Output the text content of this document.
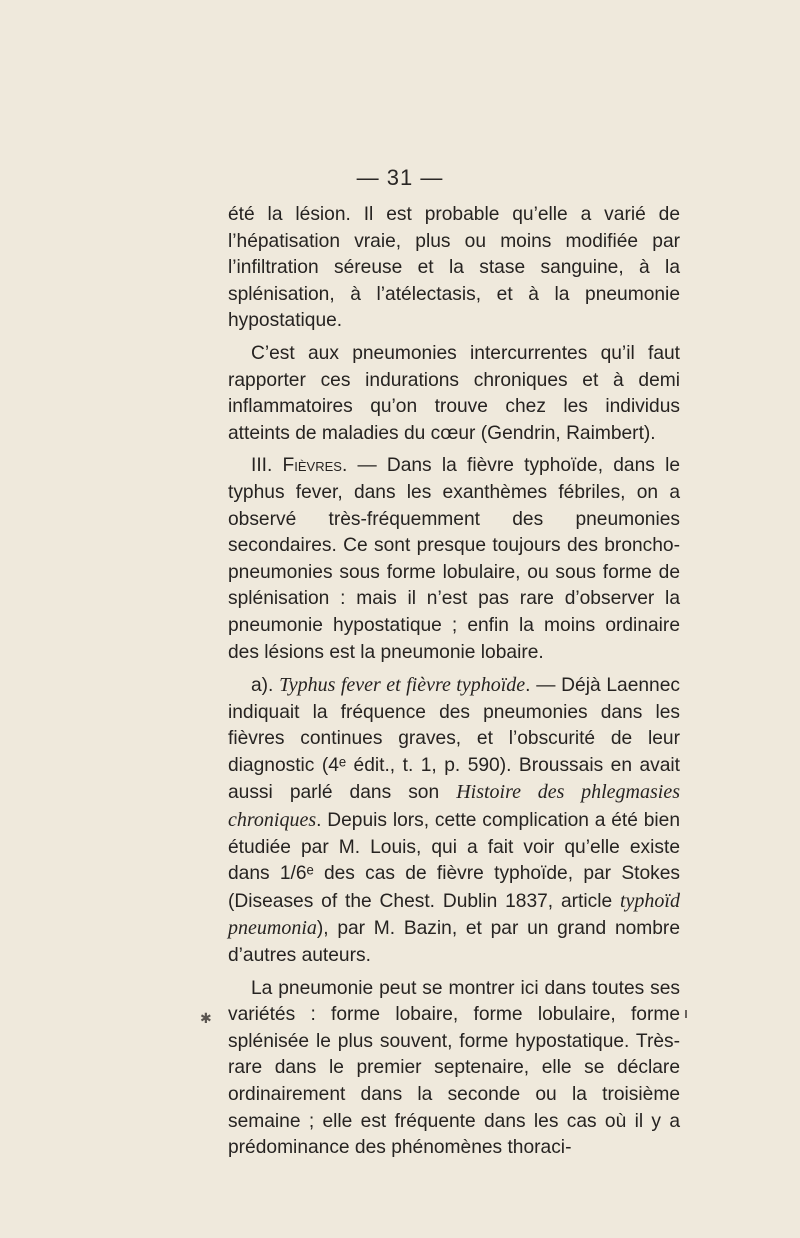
— 31 —

été la lésion. Il est probable qu’elle a varié de l’hépatisation vraie, plus ou moins modifiée par l’infiltration séreuse et la stase sanguine, à la splénisation, à l’atélectasis, et à la pneumonie hypostatique.

C’est aux pneumonies intercurrentes qu’il faut rapporter ces indurations chroniques et à demi inflammatoires qu’on trouve chez les individus atteints de maladies du cœur (Gendrin, Raimbert).

III. Fièvres. — Dans la fièvre typhoïde, dans le typhus fever, dans les exanthèmes fébriles, on a observé très-fréquemment des pneumonies secondaires. Ce sont presque toujours des broncho-pneumonies sous forme lobulaire, ou sous forme de splénisation : mais il n’est pas rare d’observer la pneumonie hypostatique ; enfin la moins ordinaire des lésions est la pneumonie lobaire.

a). Typhus fever et fièvre typhoïde. — Déjà Laennec indiquait la fréquence des pneumonies dans les fièvres continues graves, et l’obscurité de leur diagnostic (4ᵉ édit., t. 1, p. 590). Broussais en avait aussi parlé dans son Histoire des phlegmasies chroniques. Depuis lors, cette complication a été bien étudiée par M. Louis, qui a fait voir qu’elle existe dans 1/6ᵉ des cas de fièvre typhoïde, par Stokes (Diseases of the Chest. Dublin 1837, article typhoïd pneumonia), par M. Bazin, et par un grand nombre d’autres auteurs.

La pneumonie peut se montrer ici dans toutes ses variétés : forme lobaire, forme lobulaire, forme splénisée le plus souvent, forme hypostatique. Très-rare dans le premier septenaire, elle se déclare ordinairement dans la seconde ou la troisième semaine ; elle est fréquente dans les cas où il y a prédominance des phénomènes thoraci-

✱
